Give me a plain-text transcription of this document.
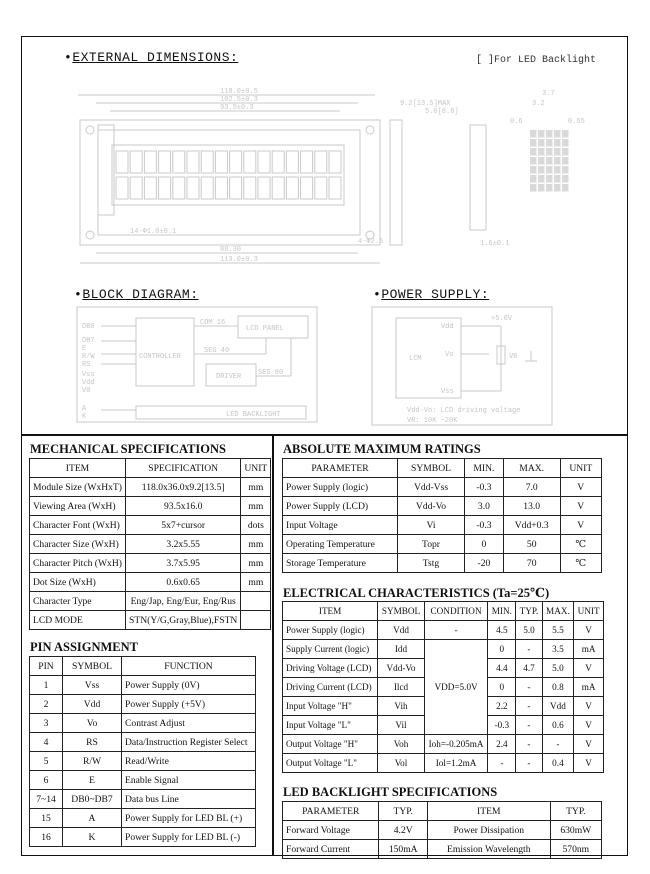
•EXTERNAL DIMENSIONS:	[ ]For LED Backlight
118.0±0.5
102.5±0.3
93.5±0.3
88.30
113.0±0.3
14-Φ1.0±0.1
4-Φ2.5
9.2[13.5]MAX
5.0[8.8]
1.6±0.1
3.7
3.2
0.65
0.6
•BLOCK DIAGRAM:
DB0
DB7
E
R/W
RS
Vss
Vdd
V0
A
K
CONTROLLER
COM 16
LCD PANEL
SEG 40
DRIVER SEG 80
LED BACKLIGHT
•POWER SUPPLY:
LCM
Vdd
Vo
Vss
+5.0V
VR
Vdd-Vo: LCD driving voltage
VR: 10K ~20K
MECHANICAL SPECIFICATIONS
ITEM	SPECIFICATION	UNIT
Module Size (WxHxT)	118.0x36.0x9.2[13.5]	mm
Viewing Area (WxH)	93.5x16.0	mm
Character Font (WxH)	5x7+cursor	dots
Character Size (WxH)	3.2x5.55	mm
Character Pitch (WxH)	3.7x5.95	mm
Dot Size (WxH)	0.6x0.65	mm
Character Type	Eng/Jap, Eng/Eur, Eng/Rus	
LCD MODE	STN(Y/G,Gray,Blue),FSTN	
PIN ASSIGNMENT
PIN	SYMBOL	FUNCTION
1	Vss	Power Supply (0V)
2	Vdd	Power Supply (+5V)
3	Vo	Contrast Adjust
4	RS	Data/Instruction Register Select
5	R/W	Read/Write
6	E	Enable Signal
7~14	DB0~DB7	Data bus Line
15	A	Power Supply for LED BL (+)
16	K	Power Supply for LED BL (-)
ABSOLUTE MAXIMUM RATINGS
PARAMETER	SYMBOL	MIN.	MAX.	UNIT
Power Supply (logic)	Vdd-Vss	-0.3	7.0	V
Power Supply (LCD)	Vdd-Vo	3.0	13.0	V
Input Voltage	Vi	-0.3	Vdd+0.3	V
Operating Temperature	Topr	0	50	℃
Storage Temperature	Tstg	-20	70	℃
ELECTRICAL CHARACTERISTICS (Ta=25℃)
ITEM	SYMBOL	CONDITION	MIN.	TYP.	MAX.	UNIT
Power Supply (logic)	Vdd	-	4.5	5.0	5.5	V
Supply Current (logic)	Idd	VDD=5.0V	0	-	3.5	mA
Driving Voltage (LCD)	Vdd-Vo		4.4	4.7	5.0	V
Driving Current (LCD)	Ilcd		0	-	0.8	mA
Input Voltage "H"	Vih		2.2	-	Vdd	V
Input Voltage "L"	Vil		-0.3	-	0.6	V
Output Voltage "H"	Voh	Ioh=-0.205mA	2.4	-	-	V
Output Voltage "L"	Vol	Iol=1.2mA	-	-	0.4	V
LED BACKLIGHT SPECIFICATIONS
PARAMETER	TYP.	ITEM	TYP.
Forward Voltage	4.2V	Power Dissipation	630mW
Forward Current	150mA	Emission Wavelength	570nm
